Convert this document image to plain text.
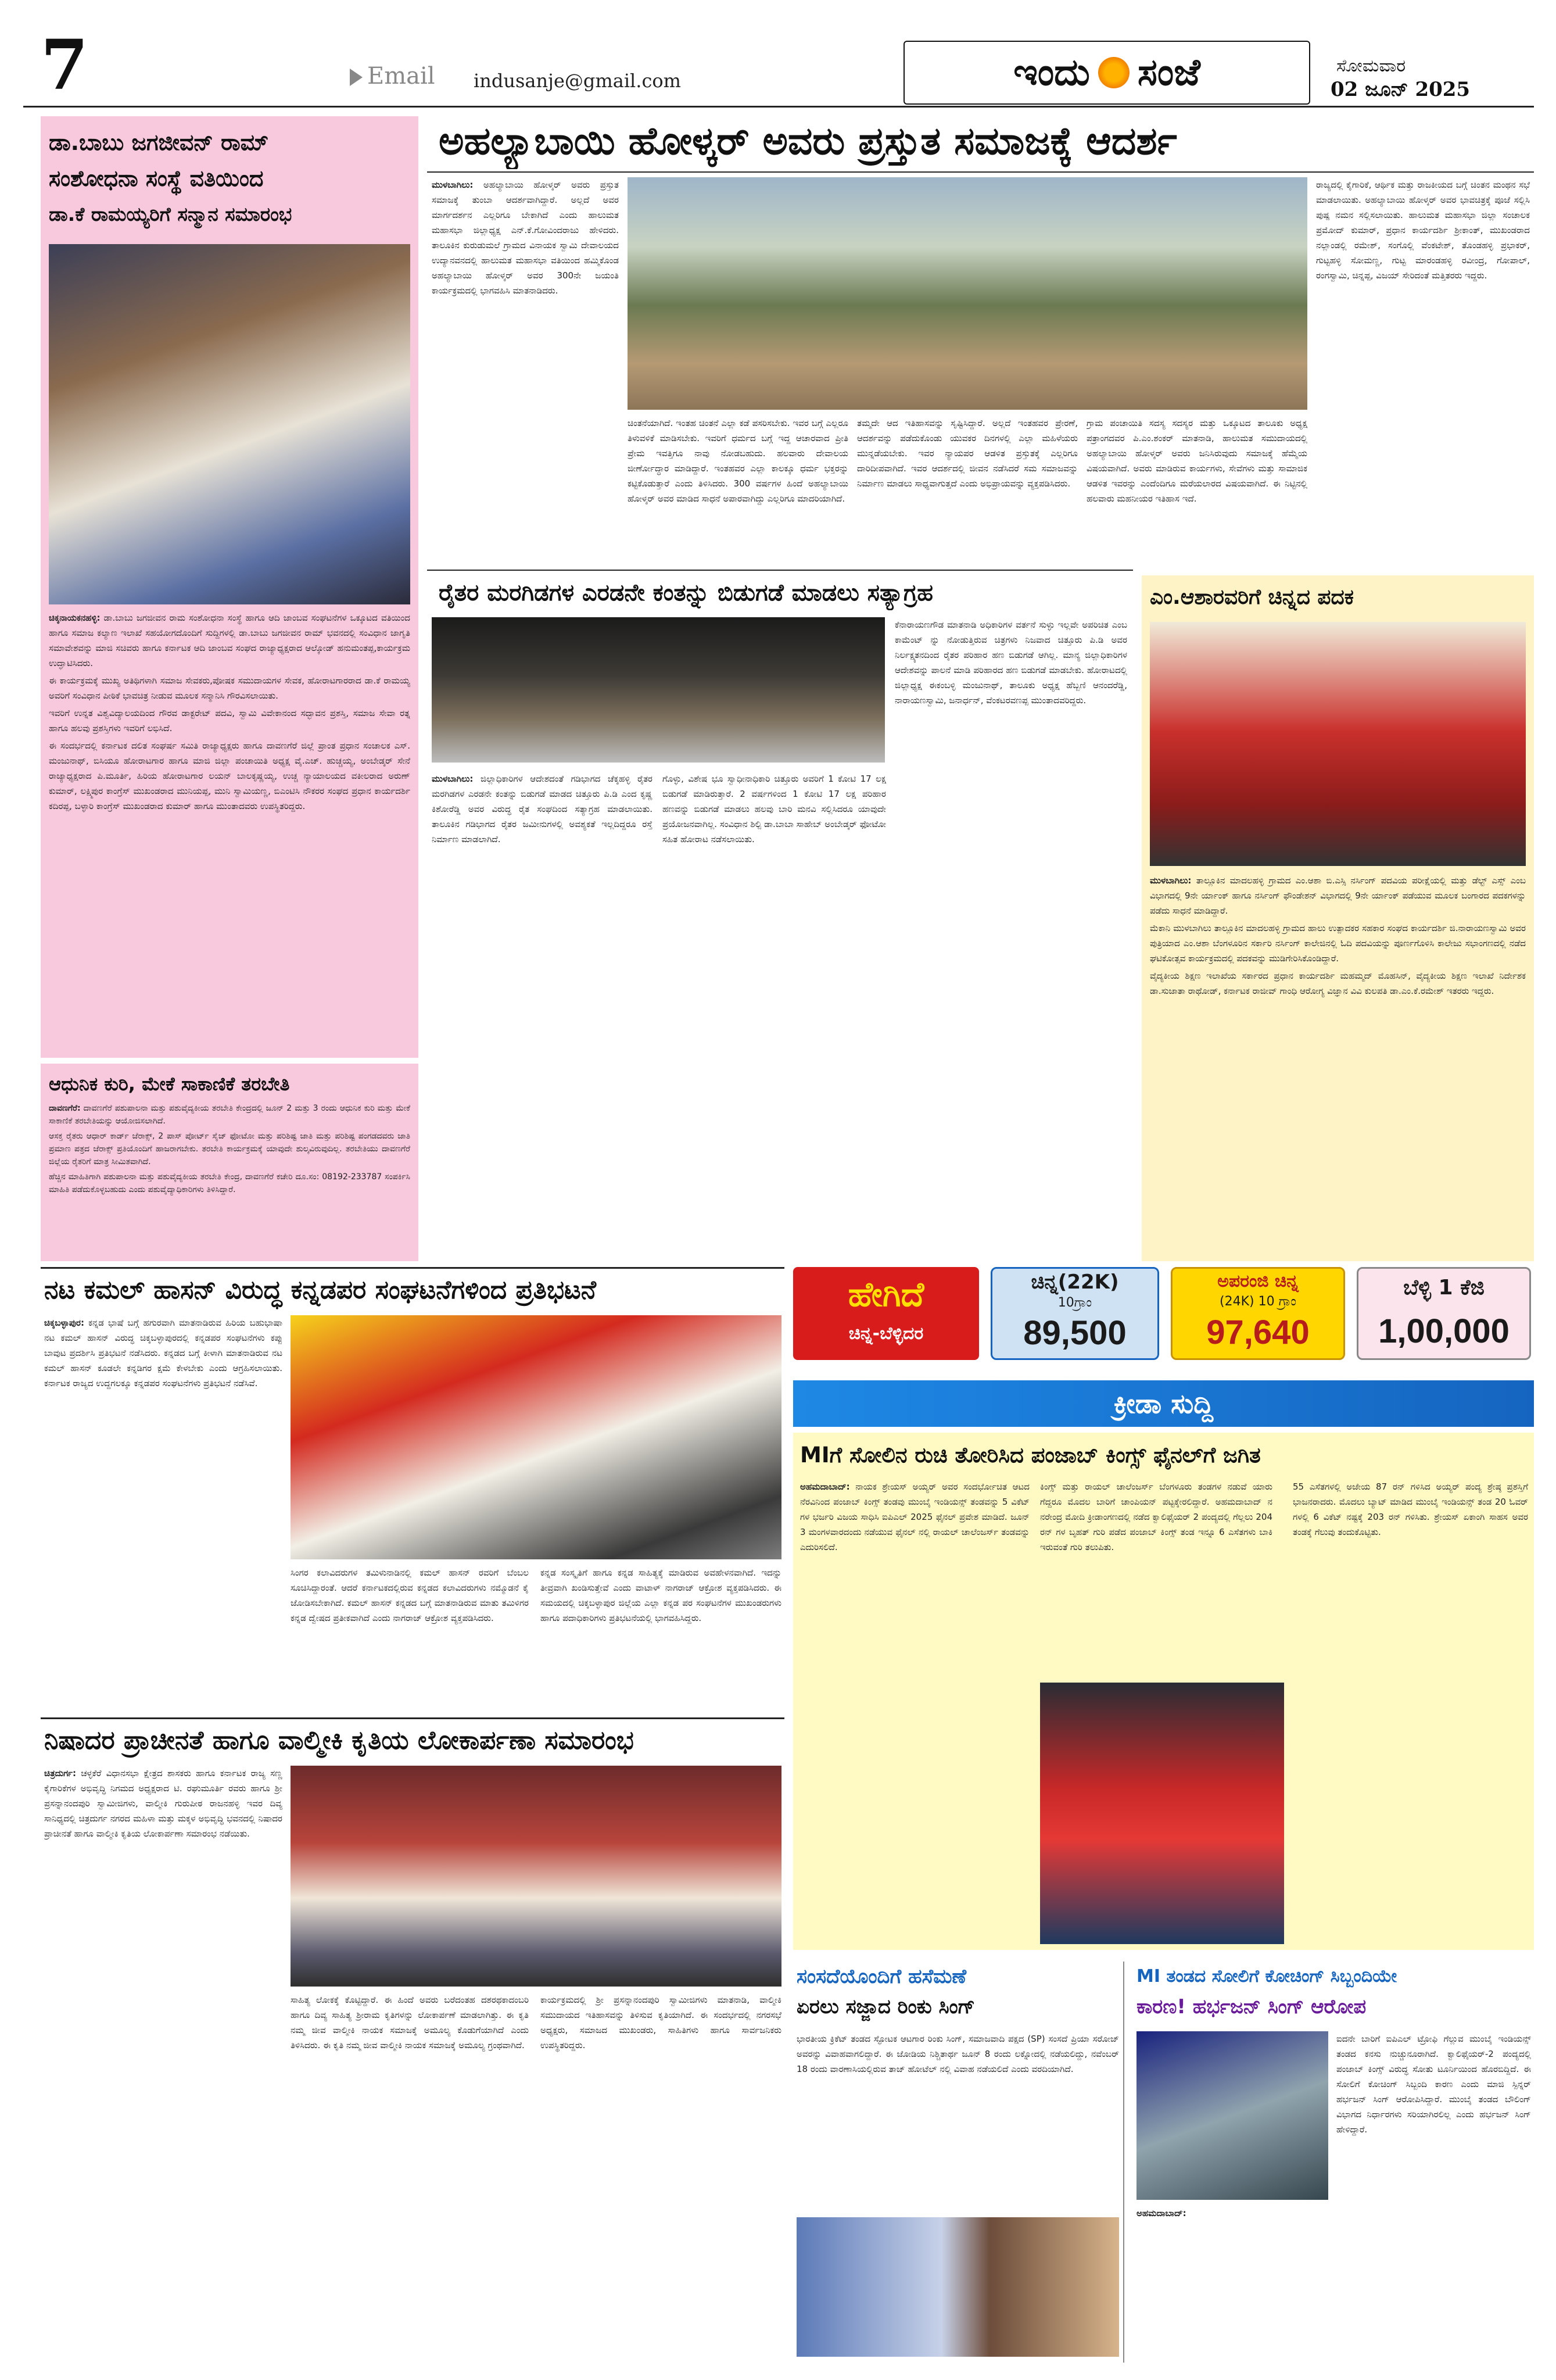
7	Email indusanje@gmail.com	ಇಂದು ಸಂಜೆ	ಸೋಮವಾರ
02 ಜೂನ್ 2025
ಡಾ.ಬಾಬು ಜಗಜೀವನ್ ರಾಮ್
ಸಂಶೋಧನಾ ಸಂಸ್ಥೆ ವತಿಯಿಂದ
ಡಾ.ಕೆ ರಾಮಯ್ಯರಿಗೆ ಸನ್ಮಾನ ಸಮಾರಂಭ

ಚಿಕ್ಕನಾಯಕನಹಳ್ಳಿ: ಡಾ.ಬಾಬು ಜಗಜೀವನ ರಾಮ ಸಂಶೋಧನಾ ಸಂಸ್ಥೆ ಹಾಗೂ ಆದಿ ಜಾಂಬವ ಸಂಘಟನೆಗಳ ಒಕ್ಕೂಟದ ವತಿಯಿಂದ ಹಾಗೂ ಸಮಾಜ ಕಲ್ಯಾಣ ಇಲಾಖೆ ಸಹಯೋಗದೊಂದಿಗೆ ಸುದ್ದಿಗಳಲ್ಲಿ ಡಾ.ಬಾಬು ಜಗಜೀವನ ರಾಮ್ ಭವನದಲ್ಲಿ ಸಂವಿಧಾನ ಜಾಗೃತಿ ಸಮಾವೇಶವನ್ನು ಮಾಜಿ ಸಚಿವರು ಹಾಗೂ ಕರ್ನಾಟಕ ಆದಿ ಜಾಂಬವ ಸಂಘದ ರಾಜ್ಯಾಧ್ಯಕ್ಷರಾದ ಆಲ್ಕೋಡ್ ಹನುಮಂತಪ್ಪ,ಕಾರ್ಯಕ್ರಮ ಉದ್ಘಾಟಿಸಿದರು.

ಈ ಕಾರ್ಯಕ್ರಮಕ್ಕೆ ಮುಖ್ಯ ಅತಿಥಿಗಳಾಗಿ ಸಮಾಜ ಸೇವಕರು,ಪೋಷಕ ಸಮುದಾಯಗಳ ಸೇವಕ, ಹೋರಾಟಗಾರರಾದ ಡಾ.ಕೆ ರಾಮಯ್ಯ ಅವರಿಗೆ ಸಂವಿಧಾನ ಪೀಠಿಕೆ ಭಾವಚಿತ್ರ ನೀಡುವ ಮೂಲಕ ಸನ್ಮಾನಿಸಿ ಗೌರವಿಸಲಾಯಿತು.

ಇವರಿಗೆ ಉನ್ನತ ವಿಶ್ವವಿದ್ಯಾಲಯದಿಂದ ಗೌರವ ಡಾಕ್ಟರೇಟ್ ಪದವಿ, ಸ್ವಾಮಿ ವಿವೇಕಾನಂದ ಸದ್ಭಾವನ ಪ್ರಶಸ್ತಿ, ಸಮಾಜ ಸೇವಾ ರತ್ನ ಹಾಗೂ ಹಲವು ಪ್ರಶಸ್ತಿಗಳು ಇವರಿಗೆ ಲಭಿಸಿದೆ.

ಈ ಸಂದರ್ಭದಲ್ಲಿ ಕರ್ನಾಟಕ ದಲಿತ ಸಂಘರ್ಷ ಸಮಿತಿ ರಾಜ್ಯಾಧ್ಯಕ್ಷರು ಹಾಗೂ ದಾವಣಗೆರೆ ಜಿಲ್ಲೆ ಪ್ರಾಂತ ಪ್ರಧಾನ ಸಂಚಾಲಕ ಎಸ್. ಮಂಜುನಾಥ್, ಬಿಸಿಯೂ ಹೋರಾಟಗಾರ ಹಾಗೂ ಮಾಜಿ ಜಿಲ್ಲಾ ಪಂಚಾಯಿತಿ ಅಧ್ಯಕ್ಷ ವೈ.ಎಚ್. ಹುಚ್ಚಯ್ಯ, ಅಂಬೇಡ್ಕರ್ ಸೇನೆ ರಾಜ್ಯಾಧ್ಯಕ್ಷರಾದ ಪಿ.ಮೂರ್ತಿ, ಹಿರಿಯ ಹೋರಾಟಗಾರ ಲಯನ್ ಬಾಲಕೃಷ್ಣಯ್ಯ, ಉಚ್ಚ ನ್ಯಾಯಾಲಯದ ವಕೀಲರಾದ ಅರುಣ್ ಕುಮಾರ್, ಲಕ್ಷ್ಮಿಪುರ ಕಾಂಗ್ರೆಸ್ ಮುಖಂಡರಾದ ಮುನಿಯಪ್ಪ, ಮುನಿ ಸ್ವಾಮಿಯಣ್ಣ, ಬಿಎಂಟಿಸಿ ನೌಕರರ ಸಂಘದ ಪ್ರಧಾನ ಕಾರ್ಯದರ್ಶಿ ಕದಿರಪ್ಪ, ಬಳ್ಳಾರಿ ಕಾಂಗ್ರೆಸ್ ಮುಖಂಡರಾದ ಕುಮಾರ್ ಹಾಗೂ ಮುಂತಾದವರು ಉಪಸ್ಥಿತರಿದ್ದರು.

ಆಧುನಿಕ ಕುರಿ, ಮೇಕೆ ಸಾಕಾಣಿಕೆ ತರಬೇತಿ

ದಾವಣಗೆರೆ: ದಾವಣಗೆರೆ ಪಶುಪಾಲನಾ ಮತ್ತು ಪಶುವೈದ್ಯಕೀಯ ತರಬೇತಿ ಕೇಂದ್ರದಲ್ಲಿ ಜೂನ್ 2 ಮತ್ತು 3 ರಂದು ಆಧುನಿಕ ಕುರಿ ಮತ್ತು ಮೇಕೆ ಸಾಕಾಣಿಕೆ ತರಬೇತಿಯನ್ನು ಆಯೋಜಿಸಲಾಗಿದೆ.

ಆಸಕ್ತ ರೈತರು ಆಧಾರ್ ಕಾರ್ಡ್ ಜೆರಾಕ್ಸ್, 2 ಪಾಸ್ ಪೋರ್ಟ್ ಸೈಜ್ ಫೋಟೋ ಮತ್ತು ಪರಿಶಿಷ್ಟ ಜಾತಿ ಮತ್ತು ಪರಿಶಿಷ್ಟ ಪಂಗಡದವರು ಜಾತಿ ಪ್ರಮಾಣ ಪತ್ರದ ಜೆರಾಕ್ಸ್ ಪ್ರತಿಯೊಂದಿಗೆ ಹಾಜರಾಗಬೇಕು. ತರಬೇತಿ ಕಾರ್ಯಕ್ರಮಕ್ಕೆ ಯಾವುದೇ ಶುಲ್ಕವಿರುವುದಿಲ್ಲ. ತರಬೇತಿಯು ದಾವಣಗೆರೆ ಜಿಲ್ಲೆಯ ರೈತರಿಗೆ ಮಾತ್ರ ಸೀಮಿತವಾಗಿದೆ.

ಹೆಚ್ಚಿನ ಮಾಹಿತಿಗಾಗಿ ಪಶುಪಾಲನಾ ಮತ್ತು ಪಶುವೈದ್ಯಕೀಯ ತರಬೇತಿ ಕೇಂದ್ರ, ದಾವಣಗೆರೆ ಕಚೇರಿ ದೂ.ಸಂ: 08192-233787 ಸಂಪರ್ಕಿಸಿ ಮಾಹಿತಿ ಪಡೆದುಕೊಳ್ಳಬಹುದು ಎಂದು ಪಶುವೈದ್ಯಾಧಿಕಾರಿಗಳು ತಿಳಿಸಿದ್ದಾರೆ.

ಅಹಲ್ಯಾಬಾಯಿ ಹೋಳ್ಕರ್ ಅವರು ಪ್ರಸ್ತುತ ಸಮಾಜಕ್ಕೆ ಆದರ್ಶ

ಮುಳಬಾಗಿಲು: ಅಹಲ್ಯಾಬಾಯಿ ಹೋಳ್ಕರ್ ಅವರು ಪ್ರಸ್ತುತ ಸಮಾಜಕ್ಕೆ ತುಂಬಾ ಆದರ್ಶವಾಗಿದ್ದಾರೆ. ಅಲ್ಲದೆ ಅವರ ಮಾರ್ಗದರ್ಶನ ಎಲ್ಲರಿಗೂ ಬೇಕಾಗಿದೆ ಎಂದು ಹಾಲುಮತ ಮಹಾಸಭಾ ಜಿಲ್ಲಾಧ್ಯಕ್ಷ ಎನ್.ಕೆ.ಗೋವಿಂದರಾಜು ಹೇಳಿದರು. ತಾಲೂಕಿನ ಕುರುಡುಮಲೆ ಗ್ರಾಮದ ವಿನಾಯಕ ಸ್ವಾಮಿ ದೇವಾಲಯದ ಉದ್ಯಾನವನದಲ್ಲಿ ಹಾಲುಮತ ಮಹಾಸಭಾ ವತಿಯಿಂದ ಹಮ್ಮಿಕೊಂಡ ಅಹಲ್ಯಾಬಾಯಿ ಹೋಳ್ಕರ್ ಅವರ 300ನೇ ಜಯಂತಿ ಕಾರ್ಯಕ್ರಮದಲ್ಲಿ ಭಾಗವಹಿಸಿ ಮಾತನಾಡಿದರು.

ಚಿಂತನೆಯಾಗಿದೆ. ಇಂತಹ ಚಿಂತನೆ ಎಲ್ಲಾ ಕಡೆ ಪಸರಿಸಬೇಕು. ಇವರ ಬಗ್ಗೆ ಎಲ್ಲರೂ ತಿಳುವಳಿಕೆ ಮಾಡಿಸಬೇಕು. ಇವರಿಗೆ ಧರ್ಮದ ಬಗ್ಗೆ ಇದ್ದ ಆಚಾರವಾದ ಪ್ರೀತಿ ಪ್ರೇಮ ಇವತ್ತಿಗೂ ನಾವು ನೋಡಬಹುದು. ಹಲವಾರು ದೇವಾಲಯ ಜೀರ್ಣೋದ್ಧಾರ ಮಾಡಿದ್ದಾರೆ. ಇಂತಹವರ ಎಲ್ಲಾ ಕಾಲಕ್ಕೂ ಧರ್ಮ ಭಕ್ತರನ್ನು ಕಟ್ಟಿಕೊಡುತ್ತಾರೆ ಎಂದು ತಿಳಿಸಿದರು. 300 ವರ್ಷಗಳ ಹಿಂದೆ ಅಹಲ್ಯಾಬಾಯಿ ಹೋಳ್ಕರ್ ಅವರ ಮಾಡಿದ ಸಾಧನೆ ಅಪಾರವಾಗಿದ್ದು ಎಲ್ಲರಿಗೂ ಮಾದರಿಯಾಗಿದೆ.

ತಮ್ಮದೇ ಆದ ಇತಿಹಾಸವನ್ನು ಸೃಷ್ಟಿಸಿದ್ದಾರೆ. ಅಲ್ಲದೆ ಇಂತಹವರ ಪ್ರೇರಣೆ, ಆದರ್ಶವನ್ನು ಪಡೆದುಕೊಂಡು ಯುವಕರ ದಿನಗಳಲ್ಲಿ ಎಲ್ಲಾ ಮಹಿಳೆಯರು ಮುನ್ನಡೆಯಬೇಕು. ಇವರ ನ್ಯಾಯಪರ ಆಡಳಿತ ಪ್ರಸ್ತುತಕ್ಕೆ ಎಲ್ಲರಿಗೂ ದಾರಿದೀಪವಾಗಿದೆ. ಇವರ ಆದರ್ಶದಲ್ಲಿ ಜೀವನ ನಡೆಸಿದರೆ ಸಮ ಸಮಾಜವನ್ನು ನಿರ್ಮಾಣ ಮಾಡಲು ಸಾಧ್ಯವಾಗುತ್ತದೆ ಎಂದು ಅಭಿಪ್ರಾಯವನ್ನು ವ್ಯಕ್ತಪಡಿಸಿದರು.

ಗ್ರಾಮ ಪಂಚಾಯಿತಿ ಸದಸ್ಯ ಸದಸ್ಯರ ಮತ್ತು ಒಕ್ಕೂಟದ ತಾಲೂಕು ಅಧ್ಯಕ್ಷ ಪತ್ರಾಂಗದವರ ಪಿ.ಎಂ.ಶಂಕರ್ ಮಾತನಾಡಿ, ಹಾಲುಮತ ಸಮುದಾಯದಲ್ಲಿ ಅಹಲ್ಯಾಬಾಯಿ ಹೋಳ್ಕರ್ ಅವರು ಜನಿಸಿರುವುದು ಸಮಾಜಕ್ಕೆ ಹೆಮ್ಮೆಯ ವಿಷಯವಾಗಿದೆ. ಅವರು ಮಾಡಿರುವ ಕಾರ್ಯಗಳು, ಸೇವೆಗಳು ಮತ್ತು ಸಾಮಾಜಿಕ ಆಡಳಿತ ಇವರನ್ನು ಎಂದೆಂದಿಗೂ ಮರೆಯಲಾರದ ವಿಷಯವಾಗಿದೆ. ಈ ನಿಟ್ಟಿನಲ್ಲಿ ಹಲವಾರು ಮಹನೀಯರ ಇತಿಹಾಸ ಇದೆ.

ರಾಜ್ಯದಲ್ಲಿ ಕೈಗಾರಿಕೆ, ಆರ್ಥಿಕ ಮತ್ತು ರಾಜಕೀಯದ ಬಗ್ಗೆ ಚಿಂತನ ಮಂಥನ ಸಭೆ ಮಾಡಲಾಯಿತು. ಅಹಲ್ಯಾಬಾಯಿ ಹೋಳ್ಕರ್ ಅವರ ಭಾವಚಿತ್ರಕ್ಕೆ ಪೂಜೆ ಸಲ್ಲಿಸಿ ಪುಷ್ಪ ನಮನ ಸಲ್ಲಿಸಲಾಯಿತು. ಹಾಲುಮತ ಮಹಾಸಭಾ ಜಿಲ್ಲಾ ಸಂಚಾಲಕ ಪ್ರಮೋದ್ ಕುಮಾರ್, ಪ್ರಧಾನ ಕಾರ್ಯದರ್ಶಿ ಶ್ರೀಕಾಂತ್, ಮುಖಂಡರಾದ ನಲ್ಲಾಂಡಲ್ಲಿ ರಮೇಶ್, ಸಂಗೊಲ್ಲಿ ವೆಂಕಟೇಶ್, ತೊಂಡಹಳ್ಳಿ ಪ್ರಭಾಕರ್, ಗುಟ್ಟಹಳ್ಳಿ ಸೋಮಣ್ಣ, ಗುಟ್ಟ ಮಾರಂಡಹಳ್ಳಿ ರವೀಂದ್ರ, ಗೋಪಾಲ್, ರಂಗಸ್ವಾಮಿ, ಚಿನ್ನಪ್ಪ, ವಿಜಯ್ ಸೇರಿದಂತೆ ಮತ್ತಿತರರು ಇದ್ದರು.

ರೈತರ ಮರಗಿಡಗಳ ಎರಡನೇ ಕಂತನ್ನು ಬಿಡುಗಡೆ ಮಾಡಲು ಸತ್ಯಾಗ್ರಹ

ಮುಳಬಾಗಿಲು: ಜಿಲ್ಲಾಧಿಕಾರಿಗಳ ಆದೇಶದಂತೆ ಗಡಿಭಾಗದ ಚೆಕ್ಕಹಳ್ಳಿ ರೈತರ ಮರಗಿಡಗಳ ಎರಡನೇ ಕಂತನ್ನು ಬಿಡುಗಡೆ ಮಾಡದ ಚಿತ್ತೂರು ಪಿ.ಡಿ ಎಂದ ಕೃಷ್ಣ ಕಿಶೋರೆಡ್ಡಿ ಅವರ ವಿರುದ್ಧ ರೈತ ಸಂಘದಿಂದ ಸತ್ಯಾಗ್ರಹ ಮಾಡಲಾಯಿತು. ತಾಲೂಕಿನ ಗಡಿಭಾಗದ ರೈತರ ಜಮೀನುಗಳಲ್ಲಿ ಅವಶ್ಯಕತೆ ಇಲ್ಲದಿದ್ದರೂ ರಸ್ತೆ ನಿರ್ಮಾಣ ಮಾಡಲಾಗಿದೆ.

ಗೊಳ್ಳು, ವಿಶೇಷ ಭೂ ಸ್ವಾಧೀನಾಧಿಕಾರಿ ಚಿತ್ತೂರು ಅವರಿಗೆ 1 ಕೋಟಿ 17 ಲಕ್ಷ ಬಿಡುಗಡೆ ಮಾಡಿರುತ್ತಾರೆ. 2 ವರ್ಷಗಳಿಂದ 1 ಕೋಟಿ 17 ಲಕ್ಷ ಪರಿಹಾರ ಹಣವನ್ನು ಬಿಡುಗಡೆ ಮಾಡಲು ಹಲವು ಬಾರಿ ಮನವಿ ಸಲ್ಲಿಸಿದರೂ ಯಾವುದೇ ಪ್ರಯೋಜನವಾಗಿಲ್ಲ. ಸಂವಿಧಾನ ಶಿಲ್ಪಿ ಡಾ.ಬಾಬಾ ಸಾಹೇಬ್ ಅಂಬೇಡ್ಕರ್ ಫೋಟೋ ಸಹಿತ ಹೋರಾಟ ನಡೆಸಲಾಯಿತು.

ಕೆನಾರಾಯಣಗೌಡ ಮಾತನಾಡಿ ಅಧಿಕಾರಿಗಳ ವರ್ತನೆ ಸುಳ್ಳು ಇಲ್ಲವೇ ಅಪರಿಚಿತ ಎಂಬ ಕಾಮೆಂಟ್ ನ್ನು ನೋಡುತ್ತಿರುವ ಚಿತ್ರಗಳು ನಿಜವಾದ ಚಿತ್ತೂರು ಪಿ.ಡಿ ಅವರ ನಿರ್ಲಕ್ಷ್ಯತನದಿಂದ ರೈತರ ಪರಿಹಾರ ಹಣ ಬಿಡುಗಡೆ ಆಗಿಲ್ಲ. ಮಾನ್ಯ ಜಿಲ್ಲಾಧಿಕಾರಿಗಳ ಆದೇಶವನ್ನು ಪಾಲನೆ ಮಾಡಿ ಪರಿಹಾರದ ಹಣ ಬಿಡುಗಡೆ ಮಾಡಬೇಕು. ಹೋರಾಟದಲ್ಲಿ ಜಿಲ್ಲಾಧ್ಯಕ್ಷ ಈಕಂಬಳ್ಳಿ ಮಂಜುನಾಥ್, ತಾಲೂಕು ಅಧ್ಯಕ್ಷ ಹೆಬ್ಬಣಿ ಆನಂದರೆಡ್ಡಿ, ನಾರಾಯಣಸ್ವಾಮಿ, ಜನಾರ್ಧನ್, ವೆಂಕಟರವಣಪ್ಪ ಮುಂತಾದವರಿದ್ದರು.

ಎಂ.ಆಶಾರವರಿಗೆ ಚಿನ್ನದ ಪದಕ

ಮುಳಬಾಗಿಲು: ತಾಲ್ಲೂಕಿನ ಮಾದಲಹಳ್ಳಿ ಗ್ರಾಮದ ಎಂ.ಆಶಾ ಬಿ.ಎಸ್ಸಿ ನರ್ಸಿಂಗ್ ಪದವಿಯ ಪರೀಕ್ಷೆಯಲ್ಲಿ ಮತ್ತು ಡೆಲ್ಟ್ ಎಸ್ಸ್ ಎಂಬ ವಿಭಾಗದಲ್ಲಿ 9ನೇ ರ್ಯಾಂಕ್ ಹಾಗೂ ನರ್ಸಿಂಗ್ ಫೌಂಡೇಶನ್ ವಿಭಾಗದಲ್ಲಿ 9ನೇ ರ್ಯಾಂಕ್ ಪಡೆಯುವ ಮೂಲಕ ಬಂಗಾರದ ಪದಕಗಳನ್ನು ಪಡೆದು ಸಾಧನೆ ಮಾಡಿದ್ದಾರೆ.

ಮೆಕಾನಿ ಮುಳಬಾಗಿಲು ತಾಲ್ಲೂಕಿನ ಮಾದಲಹಳ್ಳಿ ಗ್ರಾಮದ ಹಾಲು ಉತ್ಪಾದಕರ ಸಹಕಾರ ಸಂಘದ ಕಾರ್ಯದರ್ಶಿ ಜಿ.ನಾರಾಯಣಸ್ವಾಮಿ ಅವರ ಪುತ್ರಿಯಾದ ಎಂ.ಆಶಾ ಬೆಂಗಳೂರಿನ ಸರ್ಕಾರಿ ನರ್ಸಿಂಗ್ ಕಾಲೇಜಿನಲ್ಲಿ ಓದಿ ಪದವಿಯನ್ನು ಪೂರ್ಣಗೊಳಿಸಿ ಕಾಲೇಜು ಸಭಾಂಗಣದಲ್ಲಿ ನಡೆದ ಘಟಿಕೋತ್ಸವ ಕಾರ್ಯಕ್ರಮದಲ್ಲಿ ಪದಕವನ್ನು ಮುಡಿಗೇರಿಸಿಕೊಂಡಿದ್ದಾರೆ.

ವೈದ್ಯಕೀಯ ಶಿಕ್ಷಣ ಇಲಾಖೆಯ ಸರ್ಕಾರದ ಪ್ರಧಾನ ಕಾರ್ಯದರ್ಶಿ ಮಹಮ್ಮದ್ ಮೊಹಸಿನ್, ವೈದ್ಯಕೀಯ ಶಿಕ್ಷಣ ಇಲಾಖೆ ನಿರ್ದೇಶಕ ಡಾ.ಸುಜಾತಾ ರಾಥೋಡ್, ಕರ್ನಾಟಕ ರಾಜೀವ್ ಗಾಂಧಿ ಆರೋಗ್ಯ ವಿಜ್ಞಾನ ವಿವಿ ಕುಲಪತಿ ಡಾ.ಎಂ.ಕೆ.ರಮೇಶ್ ಇತರರು ಇದ್ದರು.

ನಟ ಕಮಲ್ ಹಾಸನ್ ವಿರುದ್ಧ ಕನ್ನಡಪರ ಸಂಘಟನೆಗಳಿಂದ ಪ್ರತಿಭಟನೆ

ಚಿಕ್ಕಬಳ್ಳಾಪುರ: ಕನ್ನಡ ಭಾಷೆ ಬಗ್ಗೆ ಹಗುರವಾಗಿ ಮಾತನಾಡಿರುವ ಹಿರಿಯ ಬಹುಭಾಷಾ ನಟ ಕಮಲ್ ಹಾಸನ್ ವಿರುದ್ಧ ಚಿಕ್ಕಬಳ್ಳಾಪುರದಲ್ಲಿ ಕನ್ನಡಪರ ಸಂಘಟನೆಗಳು ಕಪ್ಪು ಬಾವುಟ ಪ್ರದರ್ಶಿಸಿ ಪ್ರತಿಭಟನೆ ನಡೆಸಿದರು. ಕನ್ನಡದ ಬಗ್ಗೆ ಕೀಳಾಗಿ ಮಾತನಾಡಿರುವ ನಟ ಕಮಲ್ ಹಾಸನ್ ಕೂಡಲೇ ಕನ್ನಡಿಗರ ಕ್ಷಮೆ ಕೇಳಬೇಕು ಎಂದು ಆಗ್ರಹಿಸಲಾಯಿತು. ಕರ್ನಾಟಕ ರಾಜ್ಯದ ಉದ್ದಗಲಕ್ಕೂ ಕನ್ನಡಪರ ಸಂಘಟನೆಗಳು ಪ್ರತಿಭಟನೆ ನಡೆಸಿವೆ.

ಸಿಂಗರ ಕಲಾವಿದರುಗಳ ತಮಿಳುನಾಡಿನಲ್ಲಿ ಕಮಲ್ ಹಾಸನ್ ರವರಿಗೆ ಬೆಂಬಲ ಸೂಚಿಸಿದ್ದಾರಂತೆ. ಆದರೆ ಕರ್ನಾಟಕದಲ್ಲಿರುವ ಕನ್ನಡದ ಕಲಾವಿದರುಗಳು ನಮ್ಮೊಡನೆ ಕೈ ಜೋಡಿಸಬೇಕಾಗಿದೆ. ಕಮಲ್ ಹಾಸನ್ ಕನ್ನಡದ ಬಗ್ಗೆ ಮಾತನಾಡಿರುವ ಮಾತು ತಮಿಳಿಗರ ಕನ್ನಡ ದ್ವೇಷದ ಪ್ರತೀಕವಾಗಿದೆ ಎಂದು ನಾಗರಾಜ್ ಆಕ್ರೋಶ ವ್ಯಕ್ತಪಡಿಸಿದರು.

ಕನ್ನಡ ಸಂಸ್ಕೃತಿಗೆ ಹಾಗೂ ಕನ್ನಡ ಸಾಹಿತ್ಯಕ್ಕೆ ಮಾಡಿರುವ ಅವಹೇಳನವಾಗಿದೆ. ಇದನ್ನು ತೀವ್ರವಾಗಿ ಖಂಡಿಸುತ್ತೇವೆ ಎಂದು ವಾಟಾಳ್ ನಾಗರಾಜ್ ಆಕ್ರೋಶ ವ್ಯಕ್ತಪಡಿಸಿದರು. ಈ ಸಮಯದಲ್ಲಿ ಚಿಕ್ಕಬಳ್ಳಾಪುರ ಜಿಲ್ಲೆಯ ಎಲ್ಲಾ ಕನ್ನಡ ಪರ ಸಂಘಟನೆಗಳ ಮುಖಂಡರುಗಳು ಹಾಗೂ ಪದಾಧಿಕಾರಿಗಳು ಪ್ರತಿಭಟನೆಯಲ್ಲಿ ಭಾಗವಹಿಸಿದ್ದರು.

ನಿಷಾದರ ಪ್ರಾಚೀನತೆ ಹಾಗೂ ವಾಲ್ಮೀಕಿ ಕೃತಿಯ ಲೋಕಾರ್ಪಣಾ ಸಮಾರಂಭ

ಚಿತ್ರದುರ್ಗ: ಚಳ್ಳಕೆರೆ ವಿಧಾನಸಭಾ ಕ್ಷೇತ್ರದ ಶಾಸಕರು ಹಾಗೂ ಕರ್ನಾಟಕ ರಾಜ್ಯ ಸಣ್ಣ ಕೈಗಾರಿಕೆಗಳ ಅಭಿವೃದ್ಧಿ ನಿಗಮದ ಅಧ್ಯಕ್ಷರಾದ ಟಿ. ರಘುಮೂರ್ತಿ ರವರು ಹಾಗೂ ಶ್ರೀ ಪ್ರಸನ್ನಾನಂದಪುರಿ ಸ್ವಾಮೀಜಿಗಳು, ವಾಲ್ಮೀಕಿ ಗುರುಪೀಠ ರಾಜನಹಳ್ಳಿ ಇವರ ದಿವ್ಯ ಸಾನಿಧ್ಯದಲ್ಲಿ ಚಿತ್ರದುರ್ಗ ನಗರದ ಮಹಿಳಾ ಮತ್ತು ಮಕ್ಕಳ ಅಭಿವೃದ್ಧಿ ಭವನದಲ್ಲಿ ನಿಷಾದರ ಪ್ರಾಚೀನತೆ ಹಾಗೂ ವಾಲ್ಮೀಕಿ ಕೃತಿಯ ಲೋಕಾರ್ಪಣಾ ಸಮಾರಂಭ ನಡೆಯಿತು.

ಸಾಹಿತ್ಯ ಲೋಕಕ್ಕೆ ಕೊಟ್ಟಿದ್ದಾರೆ. ಈ ಹಿಂದೆ ಅವರು ಬರೆದಂತಹ ದಶರಥಕಾದಂಬರಿ ಹಾಗೂ ದಿವ್ಯ ಸಾಹಿತ್ಯ ಶ್ರೀರಾಮ ಕೃತಿಗಳನ್ನು ಲೋಕಾರ್ಪಣೆ ಮಾಡಲಾಗಿತ್ತು. ಈ ಕೃತಿ ನಮ್ಮ ಜೀವ ವಾಲ್ಮೀಕಿ ನಾಯಕ ಸಮಾಜಕ್ಕೆ ಅಮೂಲ್ಯ ಕೊಡುಗೆಯಾಗಿದೆ ಎಂದು ತಿಳಿಸಿದರು. ಈ ಕೃತಿ ನಮ್ಮ ಜೀವ ವಾಲ್ಮೀಕಿ ನಾಯಕ ಸಮಾಜಕ್ಕೆ ಅಮೂಲ್ಯ ಗ್ರಂಥವಾಗಿದೆ.

ಕಾರ್ಯಕ್ರಮದಲ್ಲಿ ಶ್ರೀ ಪ್ರಸನ್ನಾನಂದಪುರಿ ಸ್ವಾಮೀಜಿಗಳು ಮಾತನಾಡಿ, ವಾಲ್ಮೀಕಿ ಸಮುದಾಯದ ಇತಿಹಾಸವನ್ನು ತಿಳಿಸುವ ಕೃತಿಯಾಗಿದೆ. ಈ ಸಂದರ್ಭದಲ್ಲಿ ನಗರಸಭೆ ಅಧ್ಯಕ್ಷರು, ಸಮಾಜದ ಮುಖಂಡರು, ಸಾಹಿತಿಗಳು ಹಾಗೂ ಸಾರ್ವಜನಿಕರು ಉಪಸ್ಥಿತರಿದ್ದರು.

ಹೇಗಿದೆ
ಚಿನ್ನ-ಬೆಳ್ಳಿದರ
ಚಿನ್ನ(22K)
10ಗ್ರಾಂ
89,500
ಅಪರಂಜಿ ಚಿನ್ನ
(24K) 10 ಗ್ರಾಂ
97,640
ಬೆಳ್ಳಿ 1 ಕೆಜಿ
1,00,000
ಕ್ರೀಡಾ ಸುದ್ದಿ
MIಗೆ ಸೋಲಿನ ರುಚಿ ತೋರಿಸಿದ ಪಂಜಾಬ್ ಕಿಂಗ್ಸ್ ಫೈನಲ್‌ಗೆ ಜಗಿತ

ಅಹಮದಾಬಾದ್: ನಾಯಕ ಶ್ರೇಯಸ್ ಅಯ್ಯರ್ ಅವರ ಸಂದರ್ಭೋಚಿತ ಆಟದ ನೆರವಿನಿಂದ ಪಂಜಾಬ್ ಕಿಂಗ್ಸ್ ತಂಡವು ಮುಂಬೈ ಇಂಡಿಯನ್ಸ್ ತಂಡವನ್ನು 5 ವಿಕೆಟ್ ಗಳ ಭರ್ಜರಿ ವಿಜಯ ಸಾಧಿಸಿ ಐಪಿಎಲ್ 2025 ಫೈನಲ್ ಪ್ರವೇಶ ಮಾಡಿದೆ. ಜೂನ್ 3 ಮಂಗಳವಾರದಂದು ನಡೆಯುವ ಫೈನಲ್ ನಲ್ಲಿ ರಾಯಲ್ ಚಾಲೆಂಜರ್ಸ್ ತಂಡವನ್ನು ಎದುರಿಸಲಿದೆ.

ಕಿಂಗ್ಸ್ ಮತ್ತು ರಾಯಲ್ ಚಾಲೆಂಜರ್ಸ್ ಬೆಂಗಳೂರು ತಂಡಗಳ ನಡುವೆ ಯಾರು ಗೆದ್ದರೂ ಮೊದಲ ಬಾರಿಗೆ ಚಾಂಪಿಯನ್ ಪಟ್ಟಕ್ಕೇರಲಿದ್ದಾರೆ. ಅಹಮದಾಬಾದ್ ನ ನರೇಂದ್ರ ಮೋದಿ ಕ್ರೀಡಾಂಗಣದಲ್ಲಿ ನಡೆದ ಕ್ವಾಲಿಫೈಯರ್ 2 ಪಂದ್ಯದಲ್ಲಿ ಗೆಲ್ಲಲು 204 ರನ್ ಗಳ ಬೃಹತ್ ಗುರಿ ಪಡೆದ ಪಂಜಾಬ್ ಕಿಂಗ್ಸ್ ತಂಡ ಇನ್ನೂ 6 ಎಸೆತಗಳು ಬಾಕಿ ಇರುವಂತೆ ಗುರಿ ತಲುಪಿತು.

55 ಎಸೆತಗಳಲ್ಲಿ ಅಜೇಯ 87 ರನ್ ಗಳಿಸಿದ ಅಯ್ಯರ್ ಪಂದ್ಯ ಶ್ರೇಷ್ಠ ಪ್ರಶಸ್ತಿಗೆ ಭಾಜನರಾದರು. ಮೊದಲು ಬ್ಯಾಟ್ ಮಾಡಿದ ಮುಂಬೈ ಇಂಡಿಯನ್ಸ್ ತಂಡ 20 ಓವರ್ ಗಳಲ್ಲಿ 6 ವಿಕೆಟ್ ನಷ್ಟಕ್ಕೆ 203 ರನ್ ಗಳಿಸಿತು. ಶ್ರೇಯಸ್ ಏಕಾಂಗಿ ಸಾಹಸ ಅವರ ತಂಡಕ್ಕೆ ಗೆಲುವು ತಂದುಕೊಟ್ಟಿತು.

ಸಂಸದೆಯೊಂದಿಗೆ ಹಸೆಮಣೆ
ಏರಲು ಸಜ್ಜಾದ ರಿಂಕು ಸಿಂಗ್

ಭಾರತೀಯ ಕ್ರಿಕೆಟ್ ತಂಡದ ಸ್ಫೋಟಕ ಆಟಗಾರ ರಿಂಕು ಸಿಂಗ್, ಸಮಾಜವಾದಿ ಪಕ್ಷದ (SP) ಸಂಸದೆ ಪ್ರಿಯಾ ಸರೋಜ್ ಅವರನ್ನು ವಿವಾಹವಾಗಲಿದ್ದಾರೆ. ಈ ಜೋಡಿಯ ನಿಶ್ಚಿತಾರ್ಥ ಜೂನ್ 8 ರಂದು ಲಕ್ನೋದಲ್ಲಿ ನಡೆಯಲಿದ್ದು, ನವೆಂಬರ್ 18 ರಂದು ವಾರಣಾಸಿಯಲ್ಲಿರುವ ತಾಜ್ ಹೋಟೆಲ್ ನಲ್ಲಿ ವಿವಾಹ ನಡೆಯಲಿದೆ ಎಂದು ವರದಿಯಾಗಿದೆ.

MI ತಂಡದ ಸೋಲಿಗೆ ಕೋಚಿಂಗ್ ಸಿಬ್ಬಂದಿಯೇ
ಕಾರಣ! ಹರ್ಭಜನ್ ಸಿಂಗ್ ಆರೋಪ

ಅಹಮದಾಬಾದ್:

ಐದನೇ ಬಾರಿಗೆ ಐಪಿಎಲ್ ಟ್ರೋಫಿ ಗೆಲ್ಲುವ ಮುಂಬೈ ಇಂಡಿಯನ್ಸ್ ತಂಡದ ಕನಸು ನುಚ್ಚುನೂರಾಗಿದೆ. ಕ್ವಾಲಿಫೈಯರ್-2 ಪಂದ್ಯದಲ್ಲಿ ಪಂಜಾಬ್ ಕಿಂಗ್ಸ್ ವಿರುದ್ಧ ಸೋತು ಟೂರ್ನಿಯಿಂದ ಹೊರಬಿದ್ದಿದೆ. ಈ ಸೋಲಿಗೆ ಕೋಚಿಂಗ್ ಸಿಬ್ಬಂದಿ ಕಾರಣ ಎಂದು ಮಾಜಿ ಸ್ಪಿನ್ನರ್ ಹರ್ಭಜನ್ ಸಿಂಗ್ ಆರೋಪಿಸಿದ್ದಾರೆ. ಮುಂಬೈ ತಂಡದ ಬೌಲಿಂಗ್ ವಿಭಾಗದ ನಿರ್ಧಾರಗಳು ಸರಿಯಾಗಿರಲಿಲ್ಲ ಎಂದು ಹರ್ಭಜನ್ ಸಿಂಗ್ ಹೇಳಿದ್ದಾರೆ.
